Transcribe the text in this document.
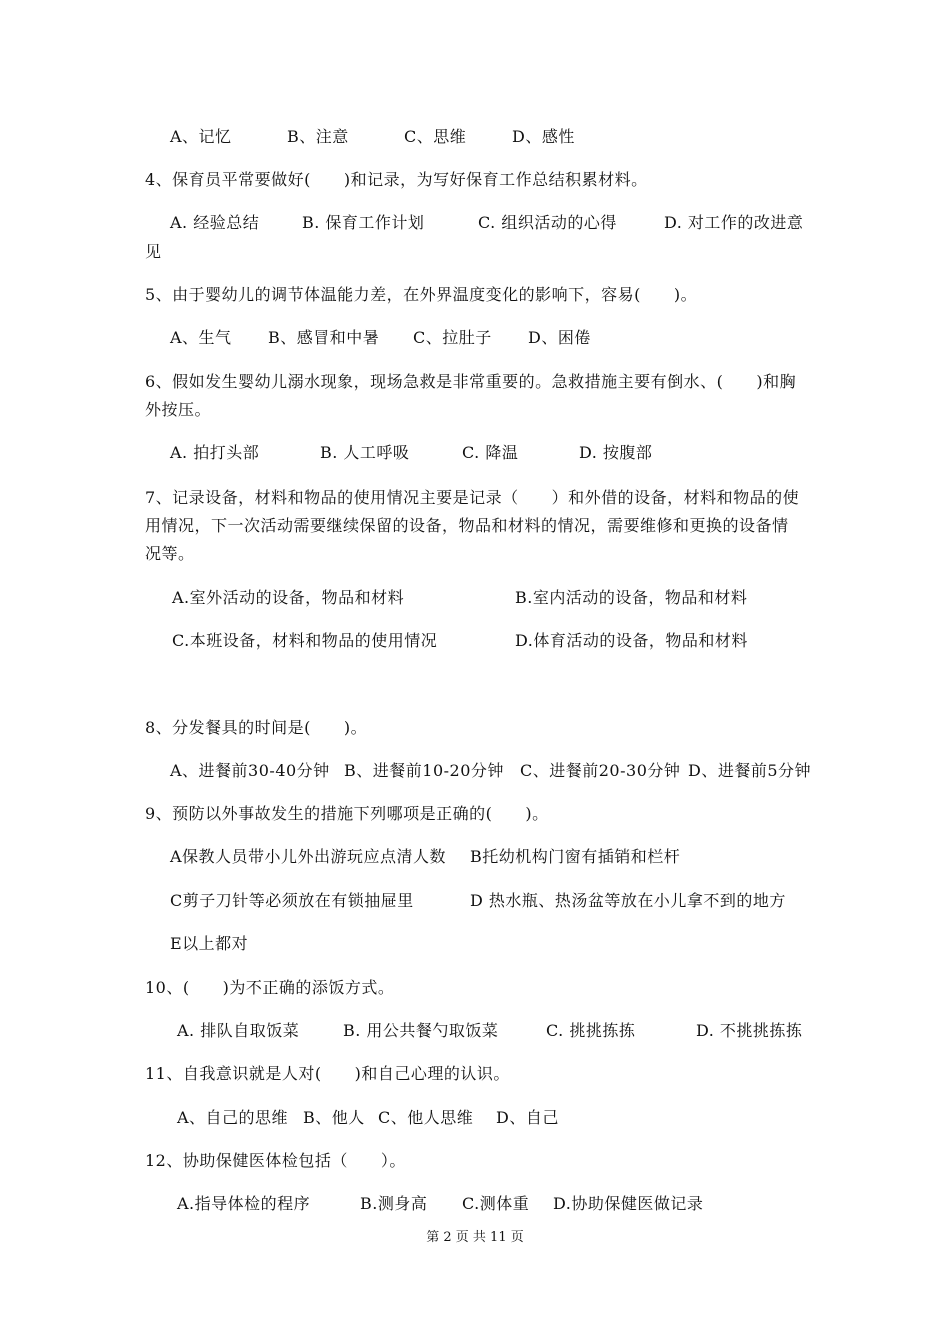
A、记忆	B、注意	C、思维	D、感性
4、保育员平常要做好(　　)和记录，为写好保育工作总结积累材料。
A. 经验总结	B. 保育工作计划	C. 组织活动的心得	D. 对工作的改进意
见
5、由于婴幼儿的调节体温能力差，在外界温度变化的影响下，容易(　　)。
A、生气 B、感冒和中暑 C、拉肚子 D、困倦
6、假如发生婴幼儿溺水现象，现场急救是非常重要的。急救措施主要有倒水、(　　)和胸
外按压。
A. 拍打头部	B. 人工呼吸	C. 降温	D. 按腹部
7、记录设备，材料和物品的使用情况主要是记录（　　）和外借的设备，材料和物品的使
用情况，下一次活动需要继续保留的设备，物品和材料的情况，需要维修和更换的设备情
况等。
A.室外活动的设备，物品和材料	B.室内活动的设备，物品和材料
C.本班设备，材料和物品的使用情况	D.体育活动的设备，物品和材料
8、分发餐具的时间是(　　)。
A、进餐前30-40分钟 B、进餐前10-20分钟 C、进餐前20-30分钟 D、进餐前5分钟
9、预防以外事故发生的措施下列哪项是正确的(　　)。
A保教人员带小儿外出游玩应点清人数 B托幼机构门窗有插销和栏杆
C剪子刀针等必须放在有锁抽屉里	D 热水瓶、热汤盆等放在小儿拿不到的地方
E以上都对
10、(　　)为不正确的添饭方式。
A. 排队自取饭菜	B. 用公共餐勺取饭菜	C. 挑挑拣拣	D. 不挑挑拣拣
11、自我意识就是人对(　　)和自己心理的认识。
A、自己的思维 B、他人 C、他人思维 D、自己
12、协助保健医体检包括（　　）。
A.指导体检的程序	B.测身高 C.测体重 D.协助保健医做记录
第 2 页 共 11 页
